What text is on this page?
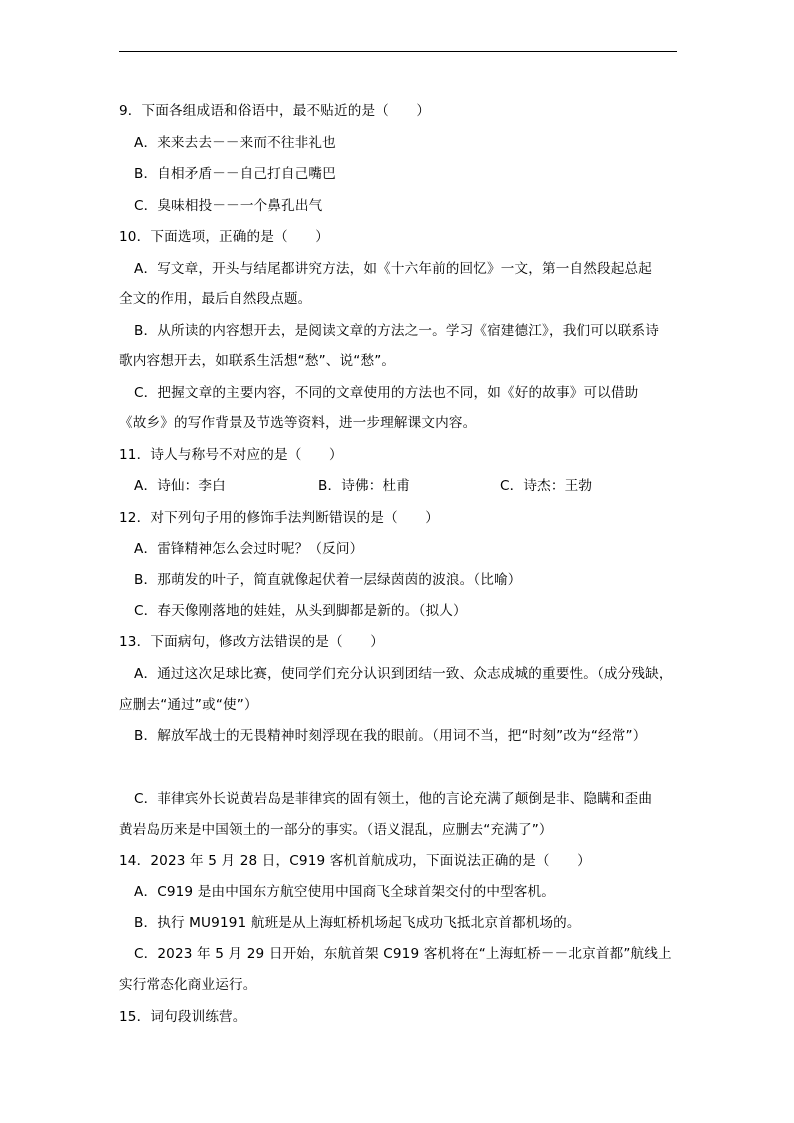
9．下面各组成语和俗语中，最不贴近的是（　　）
A．来来去去－－来而不往非礼也
B．自相矛盾－－自己打自己嘴巴
C．臭味相投－－一个鼻孔出气
10．下面选项，正确的是（　　）
A．写文章，开头与结尾都讲究方法，如《十六年前的回忆》一文，第一自然段起总起
全文的作用，最后自然段点题。
B．从所读的内容想开去，是阅读文章的方法之一。学习《宿建德江》，我们可以联系诗
歌内容想开去，如联系生活想“愁”、说“愁”。
C．把握文章的主要内容，不同的文章使用的方法也不同，如《好的故事》可以借助
《故乡》的写作背景及节选等资料，进一步理解课文内容。
11．诗人与称号不对应的是（　　）
A．诗仙：李白	B．诗佛：杜甫	C．诗杰：王勃
12．对下列句子用的修饰手法判断错误的是（　　）
A．雷锋精神怎么会过时呢？（反问）
B．那萌发的叶子，简直就像起伏着一层绿茵茵的波浪。（比喻）
C．春天像刚落地的娃娃，从头到脚都是新的。（拟人）
13．下面病句，修改方法错误的是（　　）
A．通过这次足球比赛，使同学们充分认识到团结一致、众志成城的重要性。（成分残缺，
应删去“通过”或“使”）
B．解放军战士的无畏精神时刻浮现在我的眼前。（用词不当，把“时刻”改为“经常”）
C．菲律宾外长说黄岩岛是菲律宾的固有领土，他的言论充满了颠倒是非、隐瞒和歪曲
黄岩岛历来是中国领土的一部分的事实。（语义混乱，应删去“充满了”）
14．2023 年 5 月 28 日，C919 客机首航成功，下面说法正确的是（　　）
A．C919 是由中国东方航空使用中国商飞全球首架交付的中型客机。
B．执行 MU9191 航班是从上海虹桥机场起飞成功飞抵北京首都机场的。
C．2023 年 5 月 29 日开始，东航首架 C919 客机将在“上海虹桥－－北京首都”航线上
实行常态化商业运行。
15．词句段训练营。
